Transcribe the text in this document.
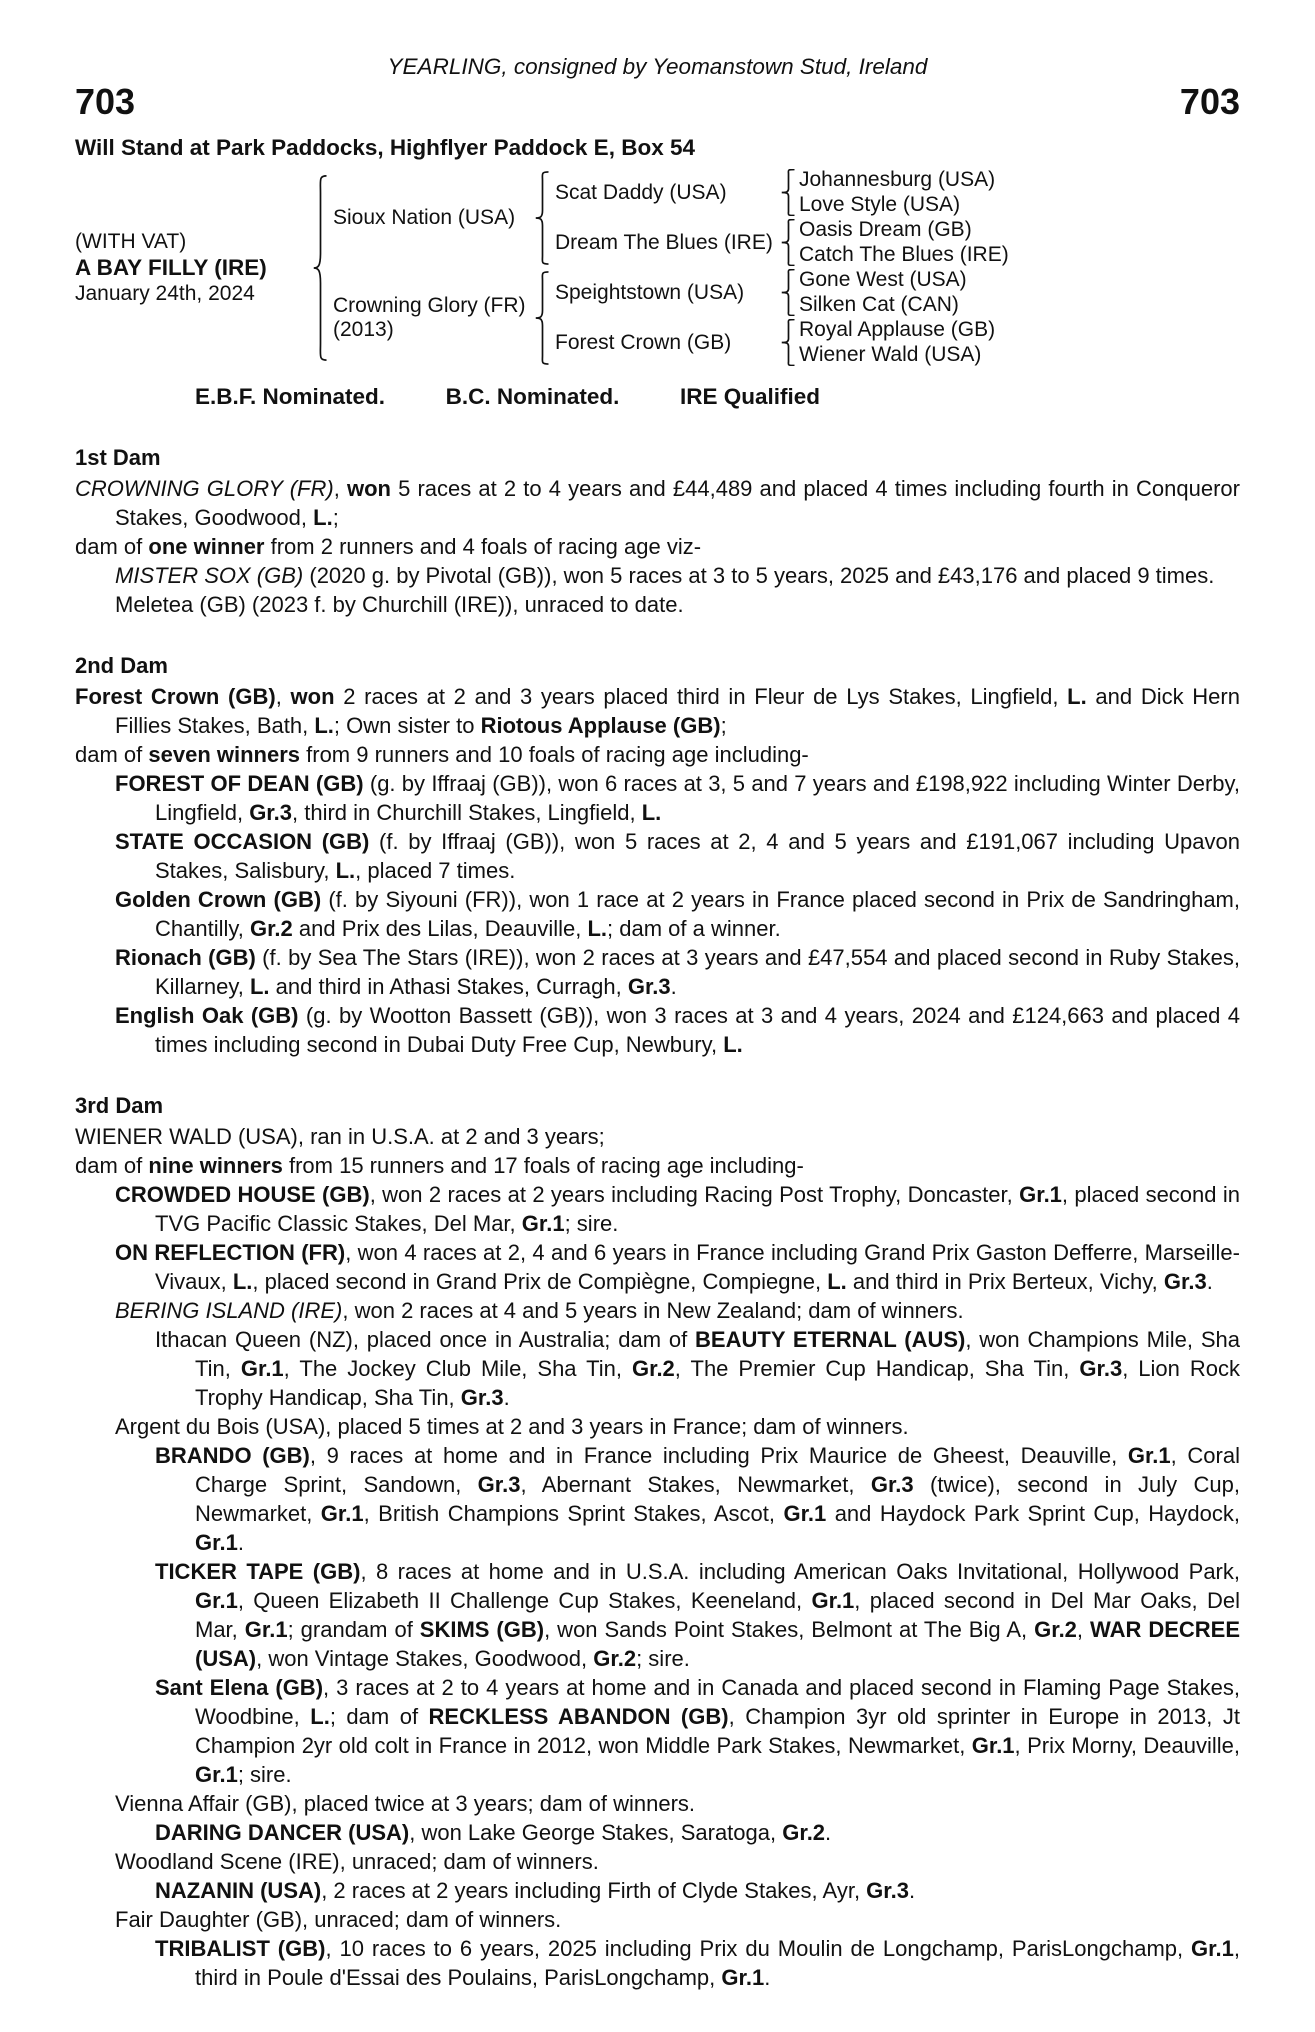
YEARLING, consigned by Yeomanstown Stud, Ireland
703	703
Will Stand at Park Paddocks, Highflyer Paddock E, Box 54
(WITH VAT)
A BAY FILLY (IRE)
January 24th, 2024
Sioux Nation (USA)
Crowning Glory (FR)
(2013)
Scat Daddy (USA)
Dream The Blues (IRE)
Speightstown (USA)
Forest Crown (GB)
Johannesburg (USA)
Love Style (USA)
Oasis Dream (GB)
Catch The Blues (IRE)
Gone West (USA)
Silken Cat (CAN)
Royal Applause (GB)
Wiener Wald (USA)
E.B.F. Nominated.	B.C. Nominated.	IRE Qualified
1st Dam

CROWNING GLORY (FR), won 5 races at 2 to 4 years and £44,489 and placed 4 times including fourth in Conqueror Stakes, Goodwood, L.;

dam of one winner from 2 runners and 4 foals of racing age viz-

MISTER SOX (GB) (2020 g. by Pivotal (GB)), won 5 races at 3 to 5 years, 2025 and £43,176 and placed 9 times.

Meletea (GB) (2023 f. by Churchill (IRE)), unraced to date.

2nd Dam

Forest Crown (GB), won 2 races at 2 and 3 years placed third in Fleur de Lys Stakes, Lingfield, L. and Dick Hern Fillies Stakes, Bath, L.; Own sister to Riotous Applause (GB);

dam of seven winners from 9 runners and 10 foals of racing age including-

FOREST OF DEAN (GB) (g. by Iffraaj (GB)), won 6 races at 3, 5 and 7 years and £198,922 including Winter Derby, Lingfield, Gr.3, third in Churchill Stakes, Lingfield, L.

STATE OCCASION (GB) (f. by Iffraaj (GB)), won 5 races at 2, 4 and 5 years and £191,067 including Upavon Stakes, Salisbury, L., placed 7 times.

Golden Crown (GB) (f. by Siyouni (FR)), won 1 race at 2 years in France placed second in Prix de Sandringham, Chantilly, Gr.2 and Prix des Lilas, Deauville, L.; dam of a winner.

Rionach (GB) (f. by Sea The Stars (IRE)), won 2 races at 3 years and £47,554 and placed second in Ruby Stakes, Killarney, L. and third in Athasi Stakes, Curragh, Gr.3.

English Oak (GB) (g. by Wootton Bassett (GB)), won 3 races at 3 and 4 years, 2024 and £124,663 and placed 4 times including second in Dubai Duty Free Cup, Newbury, L.

3rd Dam

WIENER WALD (USA), ran in U.S.A. at 2 and 3 years;

dam of nine winners from 15 runners and 17 foals of racing age including-

CROWDED HOUSE (GB), won 2 races at 2 years including Racing Post Trophy, Doncaster, Gr.1, placed second in TVG Pacific Classic Stakes, Del Mar, Gr.1; sire.

ON REFLECTION (FR), won 4 races at 2, 4 and 6 years in France including Grand Prix Gaston Defferre, Marseille-Vivaux, L., placed second in Grand Prix de Compiègne, Compiegne, L. and third in Prix Berteux, Vichy, Gr.3.

BERING ISLAND (IRE), won 2 races at 4 and 5 years in New Zealand; dam of winners.

Ithacan Queen (NZ), placed once in Australia; dam of BEAUTY ETERNAL (AUS), won Champions Mile, Sha Tin, Gr.1, The Jockey Club Mile, Sha Tin, Gr.2, The Premier Cup Handicap, Sha Tin, Gr.3, Lion Rock Trophy Handicap, Sha Tin, Gr.3.

Argent du Bois (USA), placed 5 times at 2 and 3 years in France; dam of winners.

BRANDO (GB), 9 races at home and in France including Prix Maurice de Gheest, Deauville, Gr.1, Coral Charge Sprint, Sandown, Gr.3, Abernant Stakes, Newmarket, Gr.3 (twice), second in July Cup, Newmarket, Gr.1, British Champions Sprint Stakes, Ascot, Gr.1 and Haydock Park Sprint Cup, Haydock, Gr.1.

TICKER TAPE (GB), 8 races at home and in U.S.A. including American Oaks Invitational, Hollywood Park, Gr.1, Queen Elizabeth II Challenge Cup Stakes, Keeneland, Gr.1, placed second in Del Mar Oaks, Del Mar, Gr.1; grandam of SKIMS (GB), won Sands Point Stakes, Belmont at The Big A, Gr.2, WAR DECREE (USA), won Vintage Stakes, Goodwood, Gr.2; sire.

Sant Elena (GB), 3 races at 2 to 4 years at home and in Canada and placed second in Flaming Page Stakes, Woodbine, L.; dam of RECKLESS ABANDON (GB), Champion 3yr old sprinter in Europe in 2013, Jt Champion 2yr old colt in France in 2012, won Middle Park Stakes, Newmarket, Gr.1, Prix Morny, Deauville, Gr.1; sire.

Vienna Affair (GB), placed twice at 3 years; dam of winners.

DARING DANCER (USA), won Lake George Stakes, Saratoga, Gr.2.

Woodland Scene (IRE), unraced; dam of winners.

NAZANIN (USA), 2 races at 2 years including Firth of Clyde Stakes, Ayr, Gr.3.

Fair Daughter (GB), unraced; dam of winners.

TRIBALIST (GB), 10 races to 6 years, 2025 including Prix du Moulin de Longchamp, ParisLongchamp, Gr.1, third in Poule d'Essai des Poulains, ParisLongchamp, Gr.1.
